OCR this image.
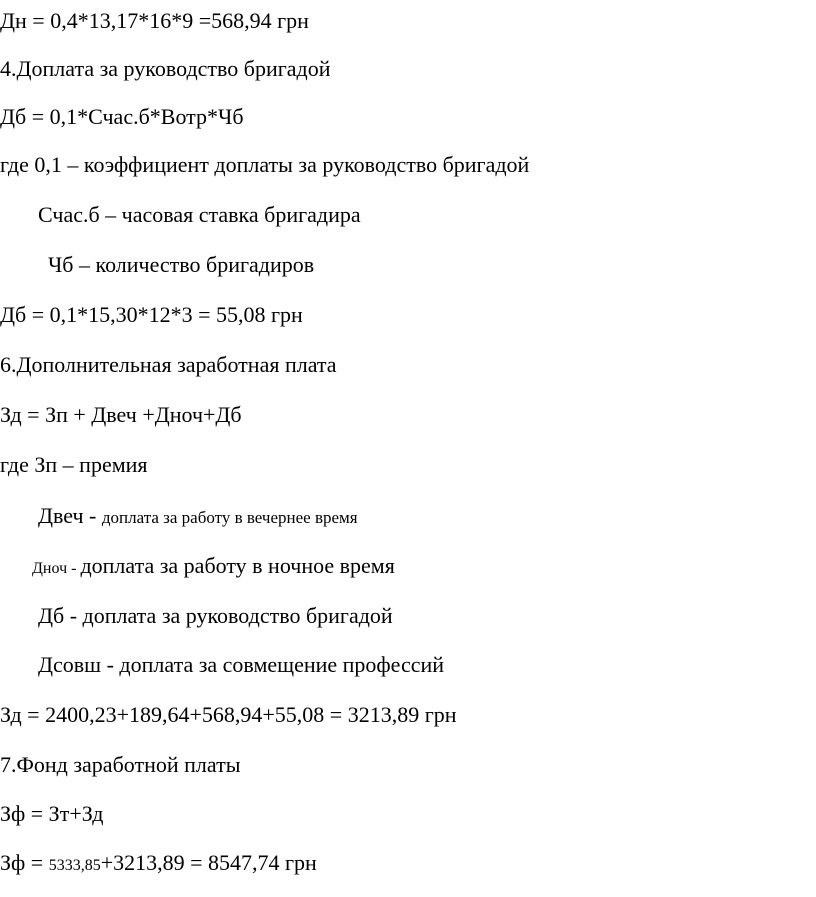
Дн = 0,4*13,17*16*9 =568,94 грн
4.Доплата за руководство бригадой
Дб = 0,1*Счас.б*Вотр*Чб
где 0,1 – коэффициент доплаты за руководство бригадой
Счас.б – часовая ставка бригадира
Чб – количество бригадиров
Дб = 0,1*15,30*12*3 = 55,08 грн
6.Дополнительная заработная плата
Зд = Зп + Двеч +Дноч+Дб
где Зп – премия
Двеч - доплата за работу в вечернее время
Дноч - доплата за работу в ночное время
Дб - доплата за руководство бригадой
Дсовш - доплата за совмещение профессий
Зд = 2400,23+189,64+568,94+55,08 = 3213,89 грн
7.Фонд заработной платы
Зф = Зт+Зд
Зф = 5333,85+3213,89 = 8547,74 грн
